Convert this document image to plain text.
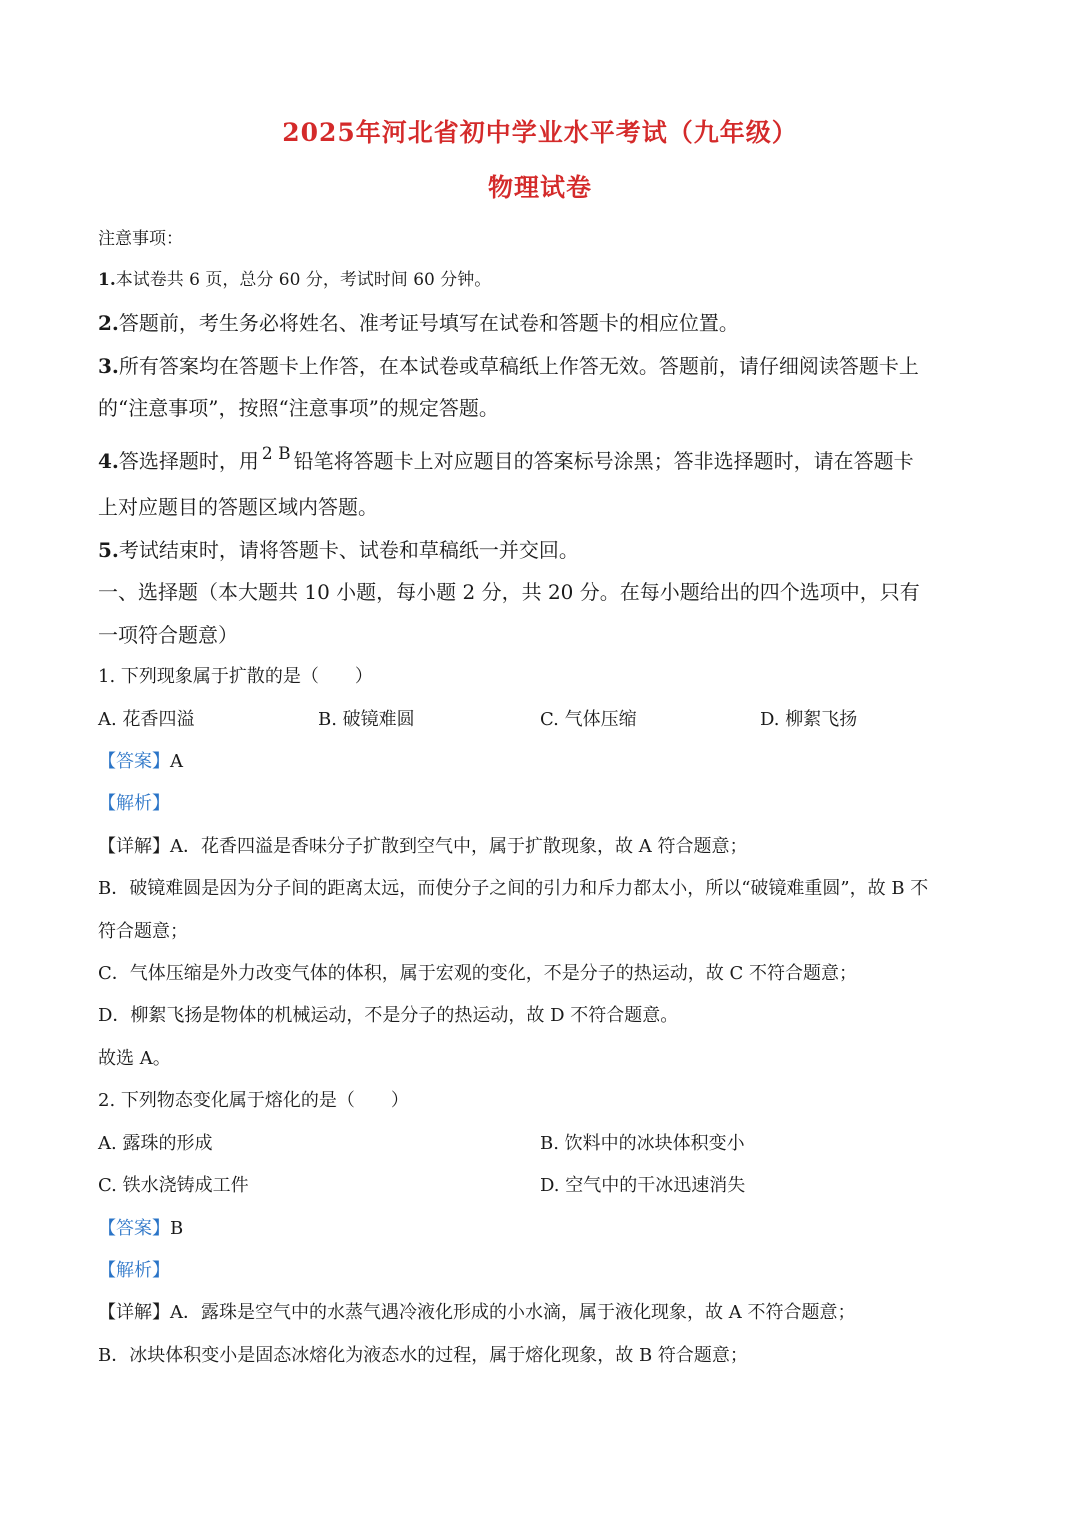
2025年河北省初中学业水平考试（九年级）
物理试卷
注意事项：
1.本试卷共 6 页，总分 60 分，考试时间 60 分钟。
2.答题前，考生务必将姓名、准考证号填写在试卷和答题卡的相应位置。
3.所有答案均在答题卡上作答，在本试卷或草稿纸上作答无效。答题前，请仔细阅读答题卡上
的“注意事项”，按照“注意事项”的规定答题。
4.答选择题时，用 $^{2 B}$ 铅笔将答题卡上对应题目的答案标号涂黑；答非选择题时，请在答题卡
上对应题目的答题区域内答题。
5.考试结束时，请将答题卡、试卷和草稿纸一并交回。
一、选择题（本大题共 10 小题，每小题 2 分，共 20 分。在每小题给出的四个选项中，只有
一项符合题意）
1. 下列现象属于扩散的是（　　）
A. 花香四溢	B. 破镜难圆	C. 气体压缩	D. 柳絮飞扬
【答案】A
【解析】
【详解】A．花香四溢是香味分子扩散到空气中，属于扩散现象，故 A 符合题意；
B．破镜难圆是因为分子间的距离太远，而使分子之间的引力和斥力都太小，所以“破镜难重圆”，故 B 不
符合题意；
C．气体压缩是外力改变气体的体积，属于宏观的变化，不是分子的热运动，故 C 不符合题意；
D．柳絮飞扬是物体的机械运动，不是分子的热运动，故 D 不符合题意。
故选 A。
2. 下列物态变化属于熔化的是（　　）
A. 露珠的形成	B. 饮料中的冰块体积变小
C. 铁水浇铸成工件	D. 空气中的干冰迅速消失
【答案】B
【解析】
【详解】A．露珠是空气中的水蒸气遇冷液化形成的小水滴，属于液化现象，故 A 不符合题意；
B．冰块体积变小是固态冰熔化为液态水的过程，属于熔化现象，故 B 符合题意；
